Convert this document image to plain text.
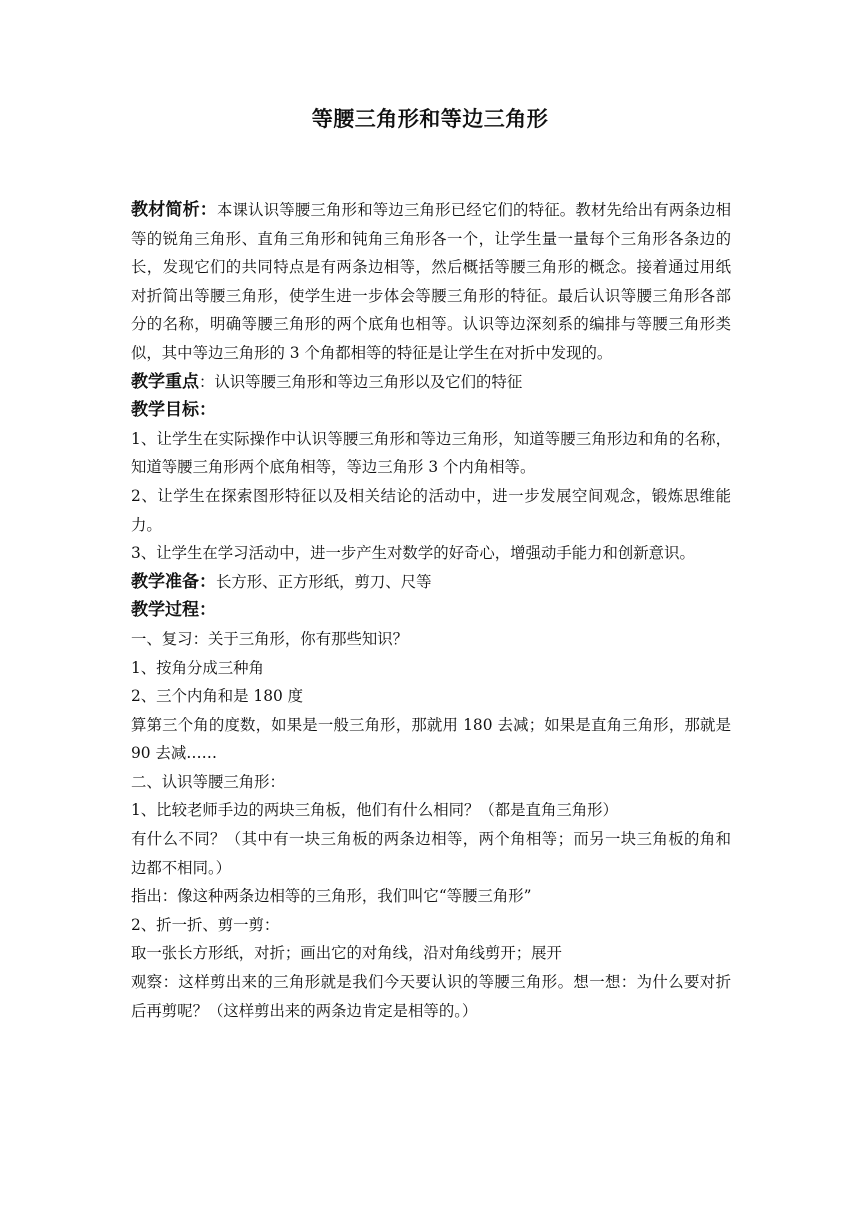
等腰三角形和等边三角形

教材简析：本课认识等腰三角形和等边三角形已经它们的特征。教材先给出有两条边相等的锐角三角形、直角三角形和钝角三角形各一个，让学生量一量每个三角形各条边的长，发现它们的共同特点是有两条边相等，然后概括等腰三角形的概念。接着通过用纸对折简出等腰三角形，使学生进一步体会等腰三角形的特征。最后认识等腰三角形各部分的名称，明确等腰三角形的两个底角也相等。认识等边深刻系的编排与等腰三角形类似，其中等边三角形的 3 个角都相等的特征是让学生在对折中发现的。

教学重点：认识等腰三角形和等边三角形以及它们的特征

教学目标：

1、让学生在实际操作中认识等腰三角形和等边三角形，知道等腰三角形边和角的名称，知道等腰三角形两个底角相等，等边三角形 3 个内角相等。

2、让学生在探索图形特征以及相关结论的活动中，进一步发展空间观念，锻炼思维能力。

3、让学生在学习活动中，进一步产生对数学的好奇心，增强动手能力和创新意识。

教学准备：长方形、正方形纸，剪刀、尺等

教学过程：

一、复习：关于三角形，你有那些知识？

1、按角分成三种角

2、三个内角和是 180 度

算第三个角的度数，如果是一般三角形，那就用 180 去减；如果是直角三角形，那就是 90 去减……

二、认识等腰三角形：

1、比较老师手边的两块三角板，他们有什么相同？（都是直角三角形）

有什么不同？（其中有一块三角板的两条边相等，两个角相等；而另一块三角板的角和边都不相同。）

指出：像这种两条边相等的三角形，我们叫它“等腰三角形”

2、折一折、剪一剪：

取一张长方形纸，对折；画出它的对角线，沿对角线剪开；展开

观察：这样剪出来的三角形就是我们今天要认识的等腰三角形。想一想：为什么要对折后再剪呢？（这样剪出来的两条边肯定是相等的。）
